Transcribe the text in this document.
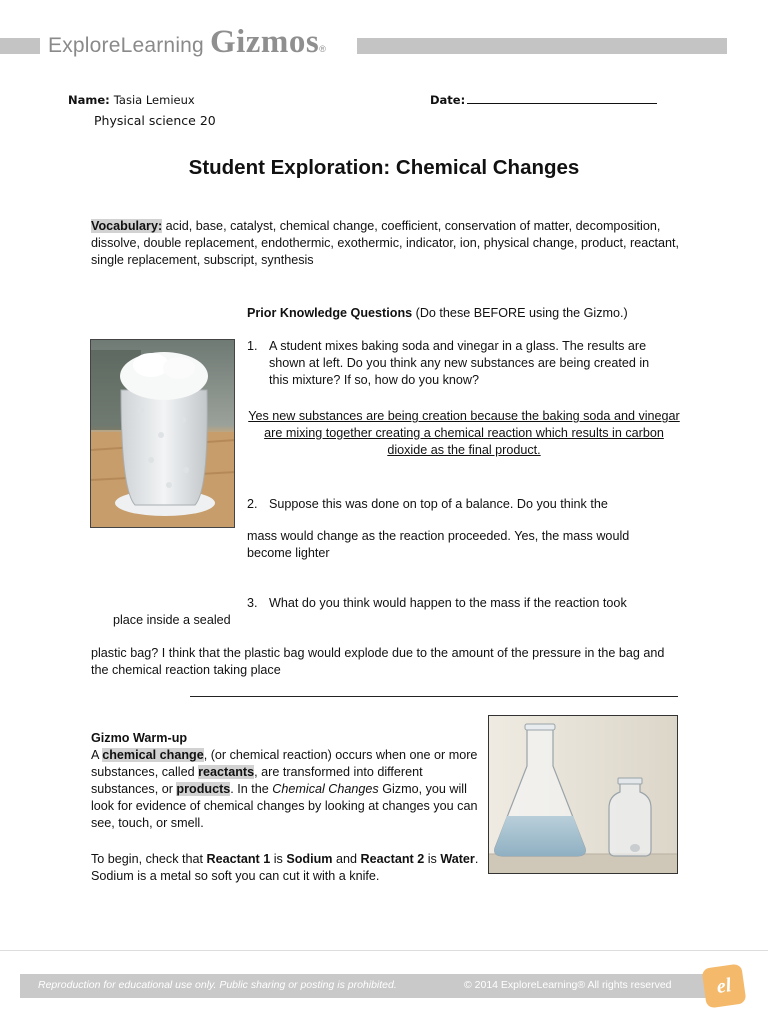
ExploreLearning Gizmos ®
Name: Tasia Lemieux	Date:
Physical science 20
Student Exploration: Chemical Changes
Vocabulary: acid, base, catalyst, chemical change, coefficient, conservation of matter, decomposition, dissolve, double replacement, endothermic, exothermic, indicator, ion, physical change, product, reactant, single replacement, subscript, synthesis
Prior Knowledge Questions (Do these BEFORE using the Gizmo.)
1. A student mixes baking soda and vinegar in a glass. The results are shown at left. Do you think any new substances are being created in this mixture? If so, how do you know?
Yes new substances are being creation because the baking soda and vinegar are mixing together creating a chemical reaction which results in carbon dioxide as the final product.
2. Suppose this was done on top of a balance. Do you think the
mass would change as the reaction proceeded. Yes, the mass would become lighter
3. What do you think would happen to the mass if the reaction took
place inside a sealed
plastic bag? I think that the plastic bag would explode due to the amount of the pressure in the bag and the chemical reaction taking place
Gizmo Warm-up
A chemical change, (or chemical reaction) occurs when one or more substances, called reactants, are transformed into different substances, or products. In the Chemical Changes Gizmo, you will look for evidence of chemical changes by looking at changes you can see, touch, or smell.
To begin, check that Reactant 1 is Sodium and Reactant 2 is Water. Sodium is a metal so soft you can cut it with a knife.
Reproduction for educational use only. Public sharing or posting is prohibited.	© 2014 ExploreLearning® All rights reserved el
